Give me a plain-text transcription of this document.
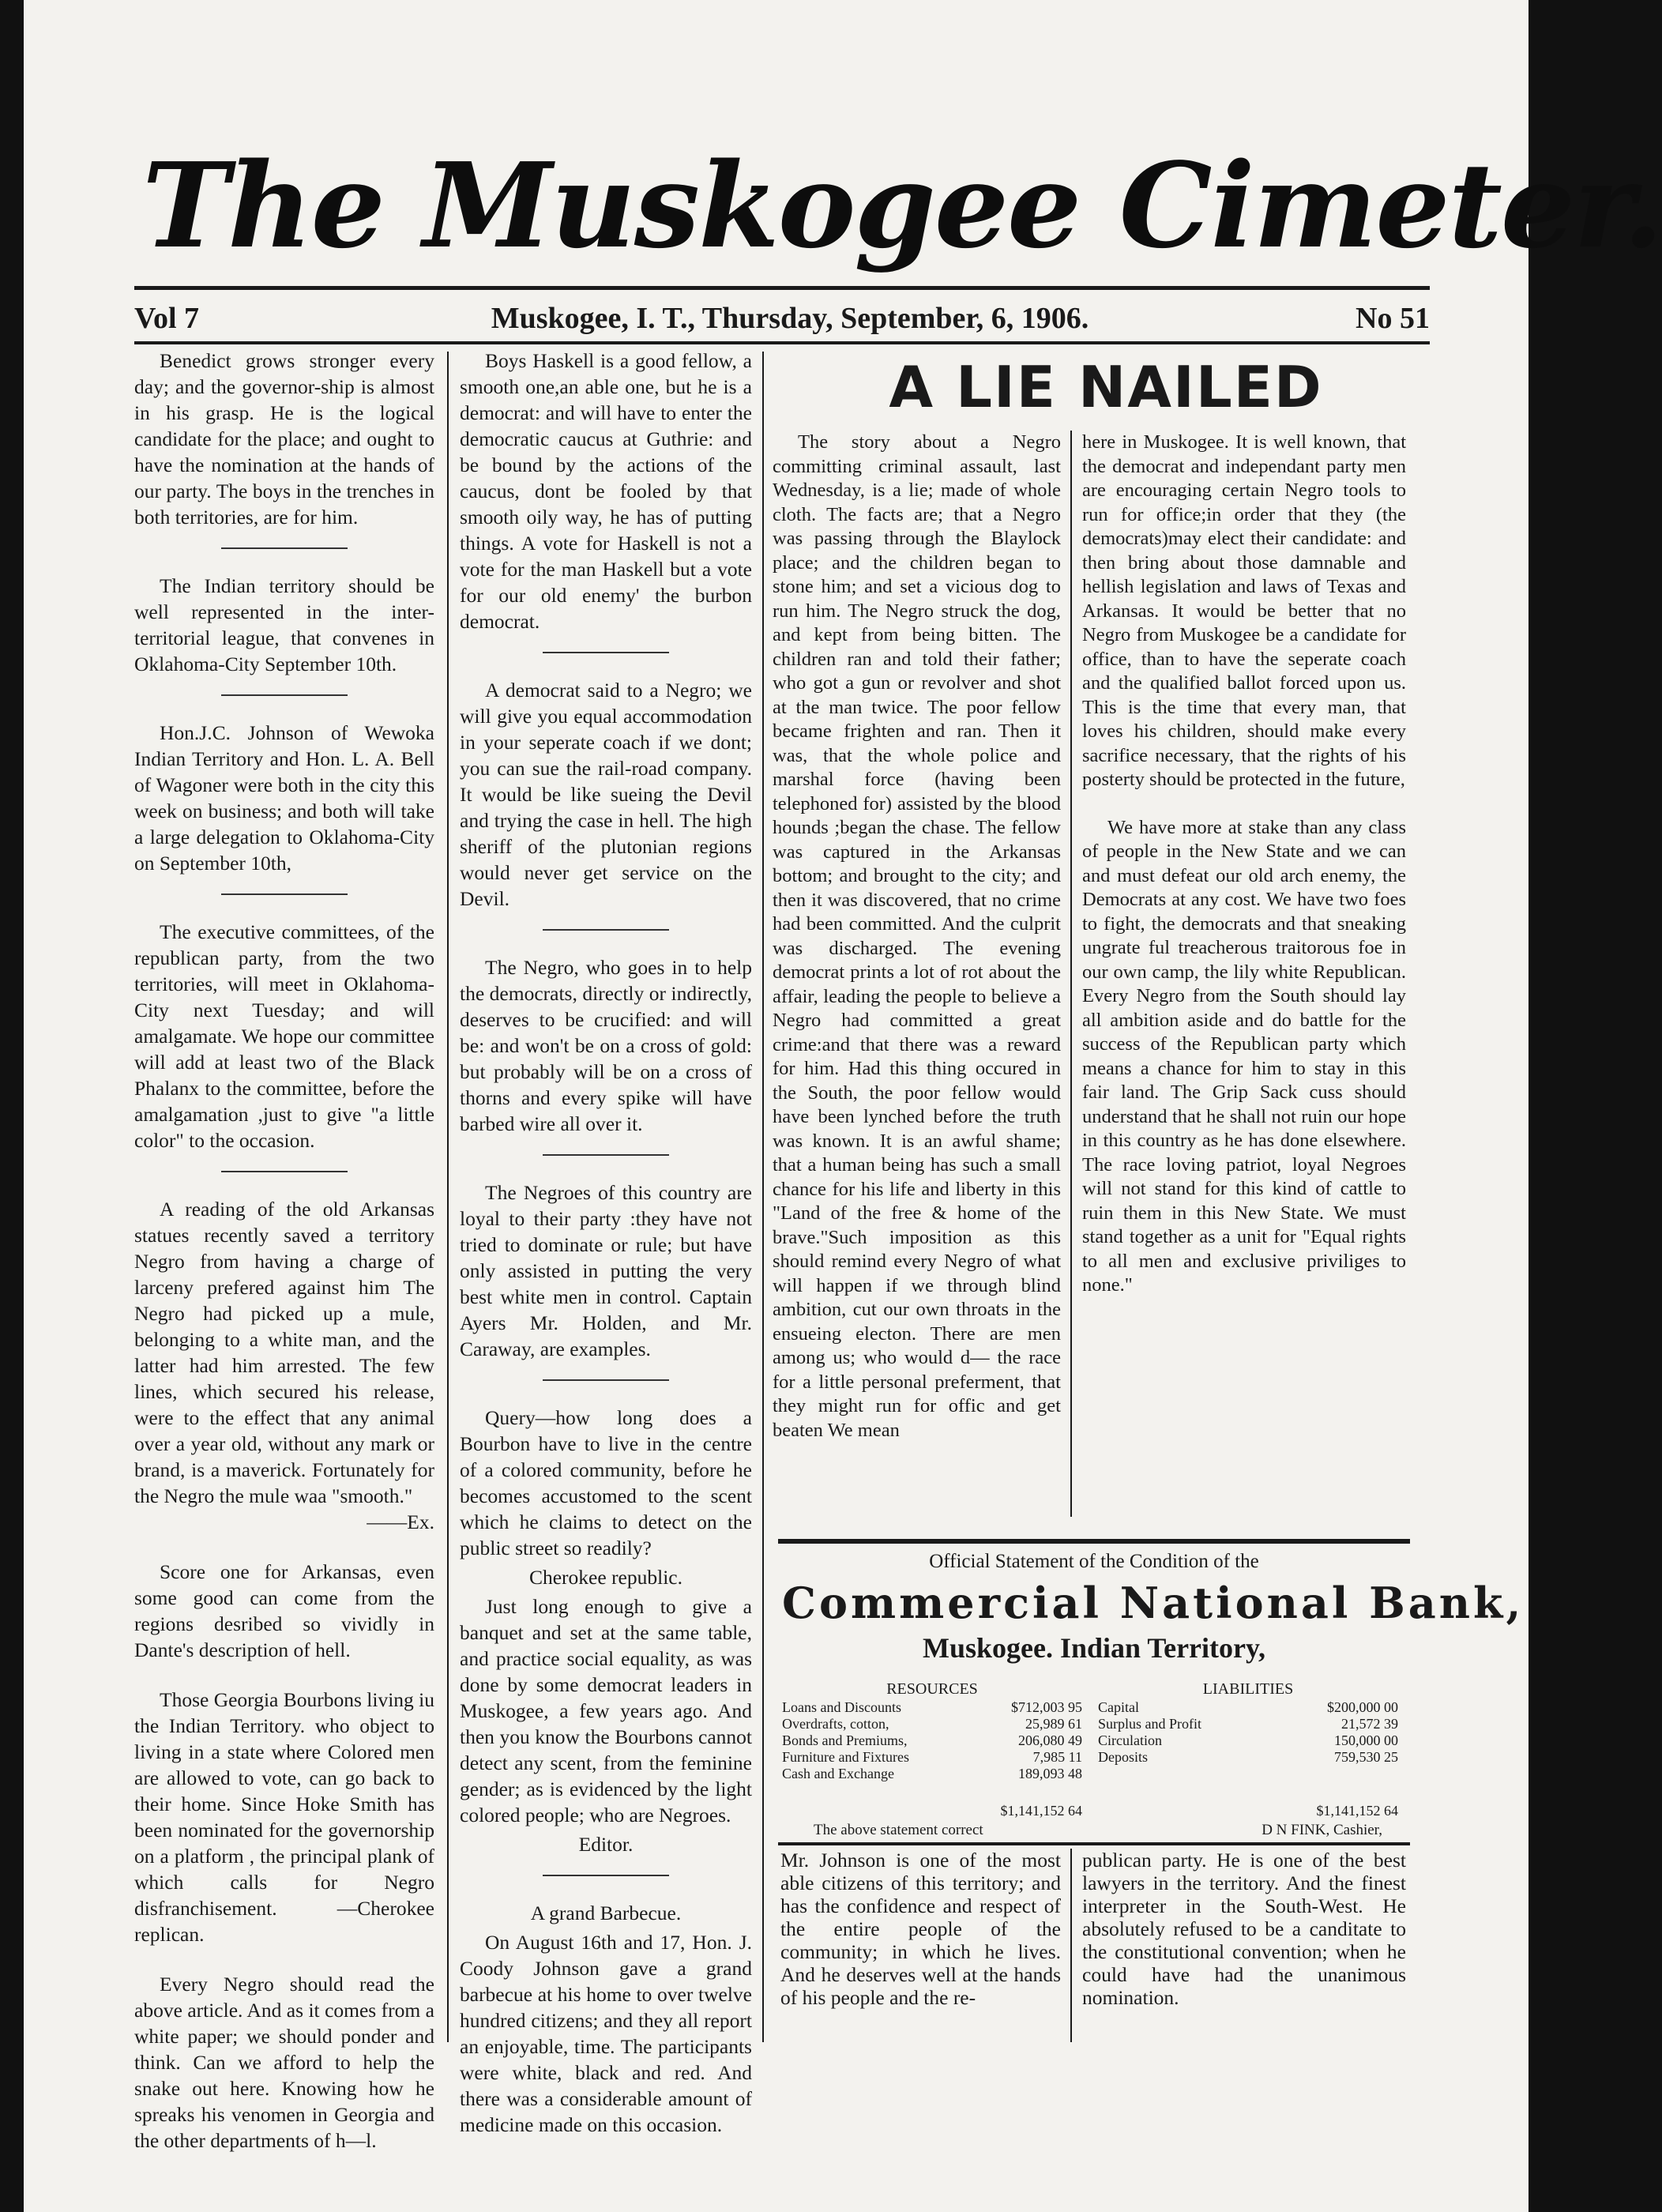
The Muskogee Cimeter.
Vol 7	Muskogee, I. T., Thursday, September, 6, 1906.	No 51

Benedict grows stronger every day; and the governor-ship is almost in his grasp. He is the logical candidate for the place; and ought to have the nomination at the hands of our party. The boys in the trenches in both territories, are for him.

The Indian territory should be well represented in the inter-territorial league, that convenes in Oklahoma-City September 10th.

Hon.J.C. Johnson of Wewoka Indian Territory and Hon. L. A. Bell of Wagoner were both in the city this week on business; and both will take a large delegation to Oklahoma-City on September 10th,

The executive committees, of the republican party, from the two territories, will meet in Oklahoma-City next Tuesday; and will amalgamate. We hope our committee will add at least two of the Black Phalanx to the committee, before the amalgamation ,just to give "a little color" to the occasion.

A reading of the old Arkansas statues recently saved a territory Negro from having a charge of larceny prefered against him The Negro had picked up a mule, belonging to a white man, and the latter had him arrested. The few lines, which secured his release, were to the effect that any animal over a year old, without any mark or brand, is a maverick. Fortunately for the Negro the mule waa "smooth."

——Ex.

Score one for Arkansas, even some good can come from the regions desribed so vividly in Dante's description of hell.

Those Georgia Bourbons living iu the Indian Territory. who object to living in a state where Colored men are allowed to vote, can go back to their home. Since Hoke Smith has been nominated for the governorship on a platform , the principal plank of which calls for Negro disfranchisement. —Cherokee replican.

Every Negro should read the above article. And as it comes from a white paper; we should ponder and think. Can we afford to help the snake out here. Knowing how he spreaks his venomen in Georgia and the other departments of h—l.

Boys Haskell is a good fellow, a smooth one,an able one, but he is a democrat: and will have to enter the democratic caucus at Guthrie: and be bound by the actions of the caucus, dont be fooled by that smooth oily way, he has of putting things. A vote for Haskell is not a vote for the man Haskell but a vote for our old enemy' the burbon democrat.

A democrat said to a Negro; we will give you equal accommodation in your seperate coach if we dont; you can sue the rail-road company. It would be like sueing the Devil and trying the case in hell. The high sheriff of the plutonian regions would never get service on the Devil.

The Negro, who goes in to help the democrats, directly or indirectly, deserves to be crucified: and will be: and won't be on a cross of gold: but probably will be on a cross of thorns and every spike will have barbed wire all over it.

The Negroes of this country are loyal to their party :they have not tried to dominate or rule; but have only assisted in putting the very best white men in control. Captain Ayers Mr. Holden, and Mr. Caraway, are examples.

Query—how long does a Bourbon have to live in the centre of a colored community, before he becomes accustomed to the scent which he claims to detect on the public street so readily?

Cherokee republic.

Just long enough to give a banquet and set at the same table, and practice social equality, as was done by some democrat leaders in Muskogee, a few years ago. And then you know the Bourbons cannot detect any scent, from the feminine gender; as is evidenced by the light colored people; who are Negroes.

Editor.

A grand Barbecue.

On August 16th and 17, Hon. J. Coody Johnson gave a grand barbecue at his home to over twelve hundred citizens; and they all report an enjoyable, time. The participants were white, black and red. And there was a considerable amount of medicine made on this occasion.

A LIE NAILED

The story about a Negro committing criminal assault, last Wednesday, is a lie; made of whole cloth. The facts are; that a Negro was passing through the Blaylock place; and the children began to stone him; and set a vicious dog to run him. The Negro struck the dog, and kept from being bitten. The children ran and told their father; who got a gun or revolver and shot at the man twice. The poor fellow became frighten and ran. Then it was, that the whole police and marshal force (having been telephoned for) assisted by the blood hounds ;began the chase. The fellow was captured in the Arkansas bottom; and brought to the city; and then it was discovered, that no crime had been committed. And the culprit was discharged. The evening democrat prints a lot of rot about the affair, leading the people to believe a Negro had committed a great crime:and that there was a reward for him. Had this thing occured in the South, the poor fellow would have been lynched before the truth was known. It is an awful shame; that a human being has such a small chance for his life and liberty in this "Land of the free & home of the brave."Such imposition as this should remind every Negro of what will happen if we through blind ambition, cut our own throats in the ensueing electon. There are men among us; who would d— the race for a little personal preferment, that they might run for offic and get beaten We mean

here in Muskogee. It is well known, that the democrat and independant party men are encouraging certain Negro tools to run for office;in order that they (the democrats)may elect their candidate: and then bring about those damnable and hellish legislation and laws of Texas and Arkansas. It would be better that no Negro from Muskogee be a candidate for office, than to have the seperate coach and the qualified ballot forced upon us. This is the time that every man, that loves his children, should make every sacrifice necessary, that the rights of his posterty should be protected in the future,

We have more at stake than any class of people in the New State and we can and must defeat our old arch enemy, the Democrats at any cost. We have two foes to fight, the democrats and that sneaking ungrate ful treacherous traitorous foe in our own camp, the lily white Republican. Every Negro from the South should lay all ambition aside and do battle for the success of the Republican party which means a chance for him to stay in this fair land. The Grip Sack cuss should understand that he shall not ruin our hope in this country as he has done elsewhere. The race loving patriot, loyal Negroes will not stand for this kind of cattle to ruin them in this New State. We must stand together as a unit for "Equal rights to all men and exclusive priviliges to none."

Official Statement of the Condition of the
Commercial National Bank,
Muskogee. Indian Territory,
RESOURCES
Loans and Discounts	$712,003 95
Overdrafts, cotton,	25,989 61
Bonds and Premiums,	206,080 49
Furniture and Fixtures	7,985 11
Cash and Exchange	189,093 48
$1,141,152 64
LIABILITIES
Capital	$200,000 00
Surplus and Profit	21,572 39
Circulation	150,000 00
Deposits	759,530 25
$1,141,152 64
The above statement correct	D N FINK, Cashier,
Mr. Johnson is one of the most able citizens of this territory; and has the confidence and respect of the entire people of the community; in which he lives. And he deserves well at the hands of his people and the re-
publican party. He is one of the best lawyers in the territory. And the finest interpreter in the South-West. He absolutely refused to be a canditate to the constitutional convention; when he could have had the unanimous nomination.
